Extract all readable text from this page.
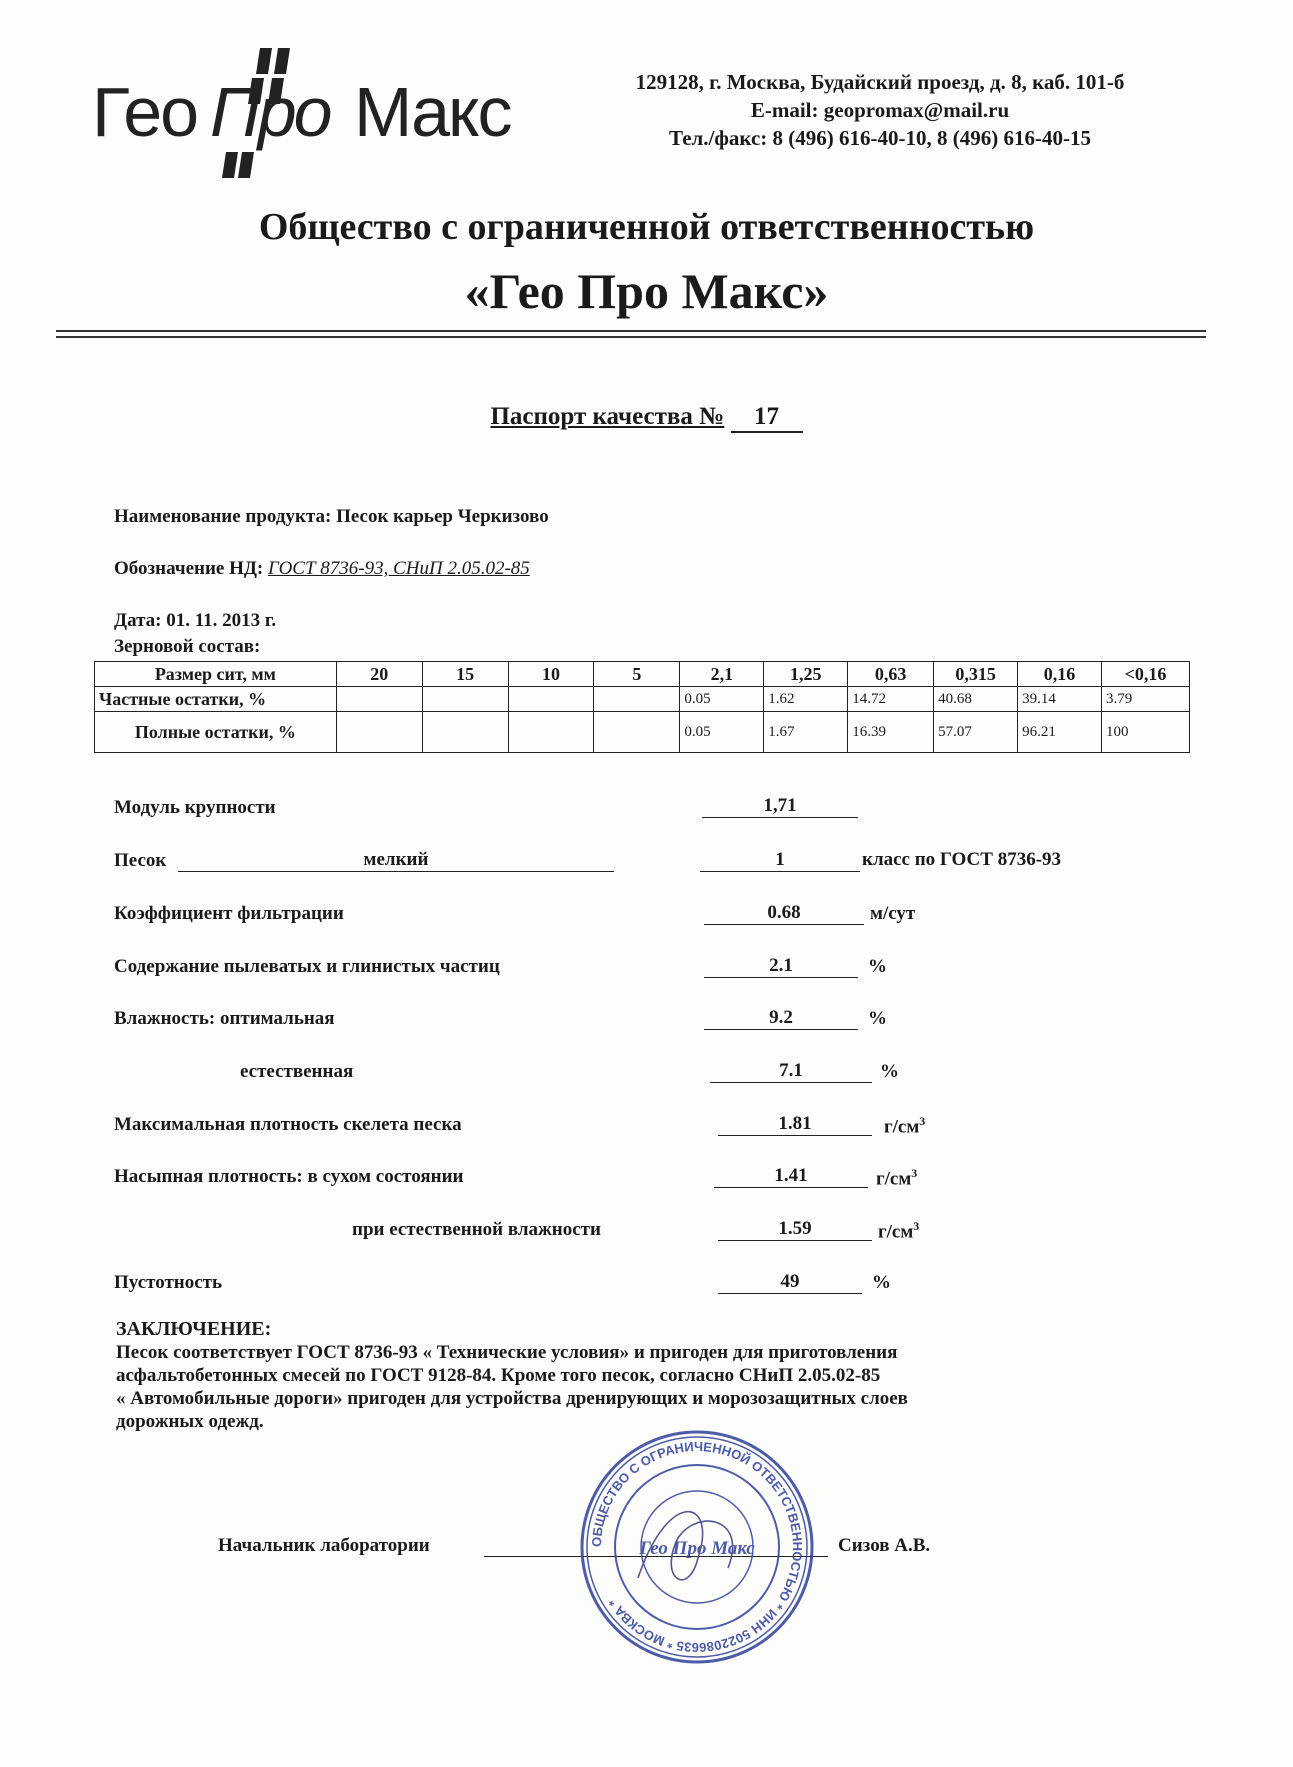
Гео Про Макс	129128, г. Москва, Будайский проезд, д. 8, каб. 101-б
E-mail: geopromax@mail.ru
Тел./факс: 8 (496) 616-40-10, 8 (496) 616-40-15
Общество с ограниченной ответственностью
«Гео Про Макс»
Паспорт качества № 17
Наименование продукта: Песок карьер Черкизово
Обозначение НД: ГОСТ 8736-93, СНиП 2.05.02-85
Дата: 01. 11. 2013 г.
Зерновой состав:
Размер сит, мм	20	15	10	5	2,1	1,25	0,63	0,315	0,16	<0,16
Частные остатки, %					0.05	1.62	14.72	40.68	39.14	3.79
Полные остатки, %					0.05	1.67	16.39	57.07	96.21	100
Модуль крупности	1,71
Песок	мелкий	1	класс по ГОСТ 8736-93
Коэффициент фильтрации	0.68	м/сут
Содержание пылеватых и глинистых частиц	2.1	%
Влажность: оптимальная	9.2	%
естественная	7.1	%
Максимальная плотность скелета песка	1.81	$г/см^3$
Насыпная плотность: в сухом состоянии	1.41	$г/см^3$
при естественной влажности	1.59	$г/см^3$
Пустотность	49	%
ЗАКЛЮЧЕНИЕ:
Песок соответствует ГОСТ 8736-93 « Технические условия» и пригоден для приготовления
асфальтобетонных смесей по ГОСТ 9128-84. Кроме того песок, согласно СНиП 2.05.02-85
« Автомобильные дороги» пригоден для устройства дренирующих и морозозащитных слоев
дорожных одежд.
Начальник лаборатории	Сизов А.В.
ОБЩЕСТВО С ОГРАНИЧЕННОЙ ОТВЕТСТВЕННОСТЬЮ * ИНН 5022086635 * МОСКВА *
Гео Про Макс
